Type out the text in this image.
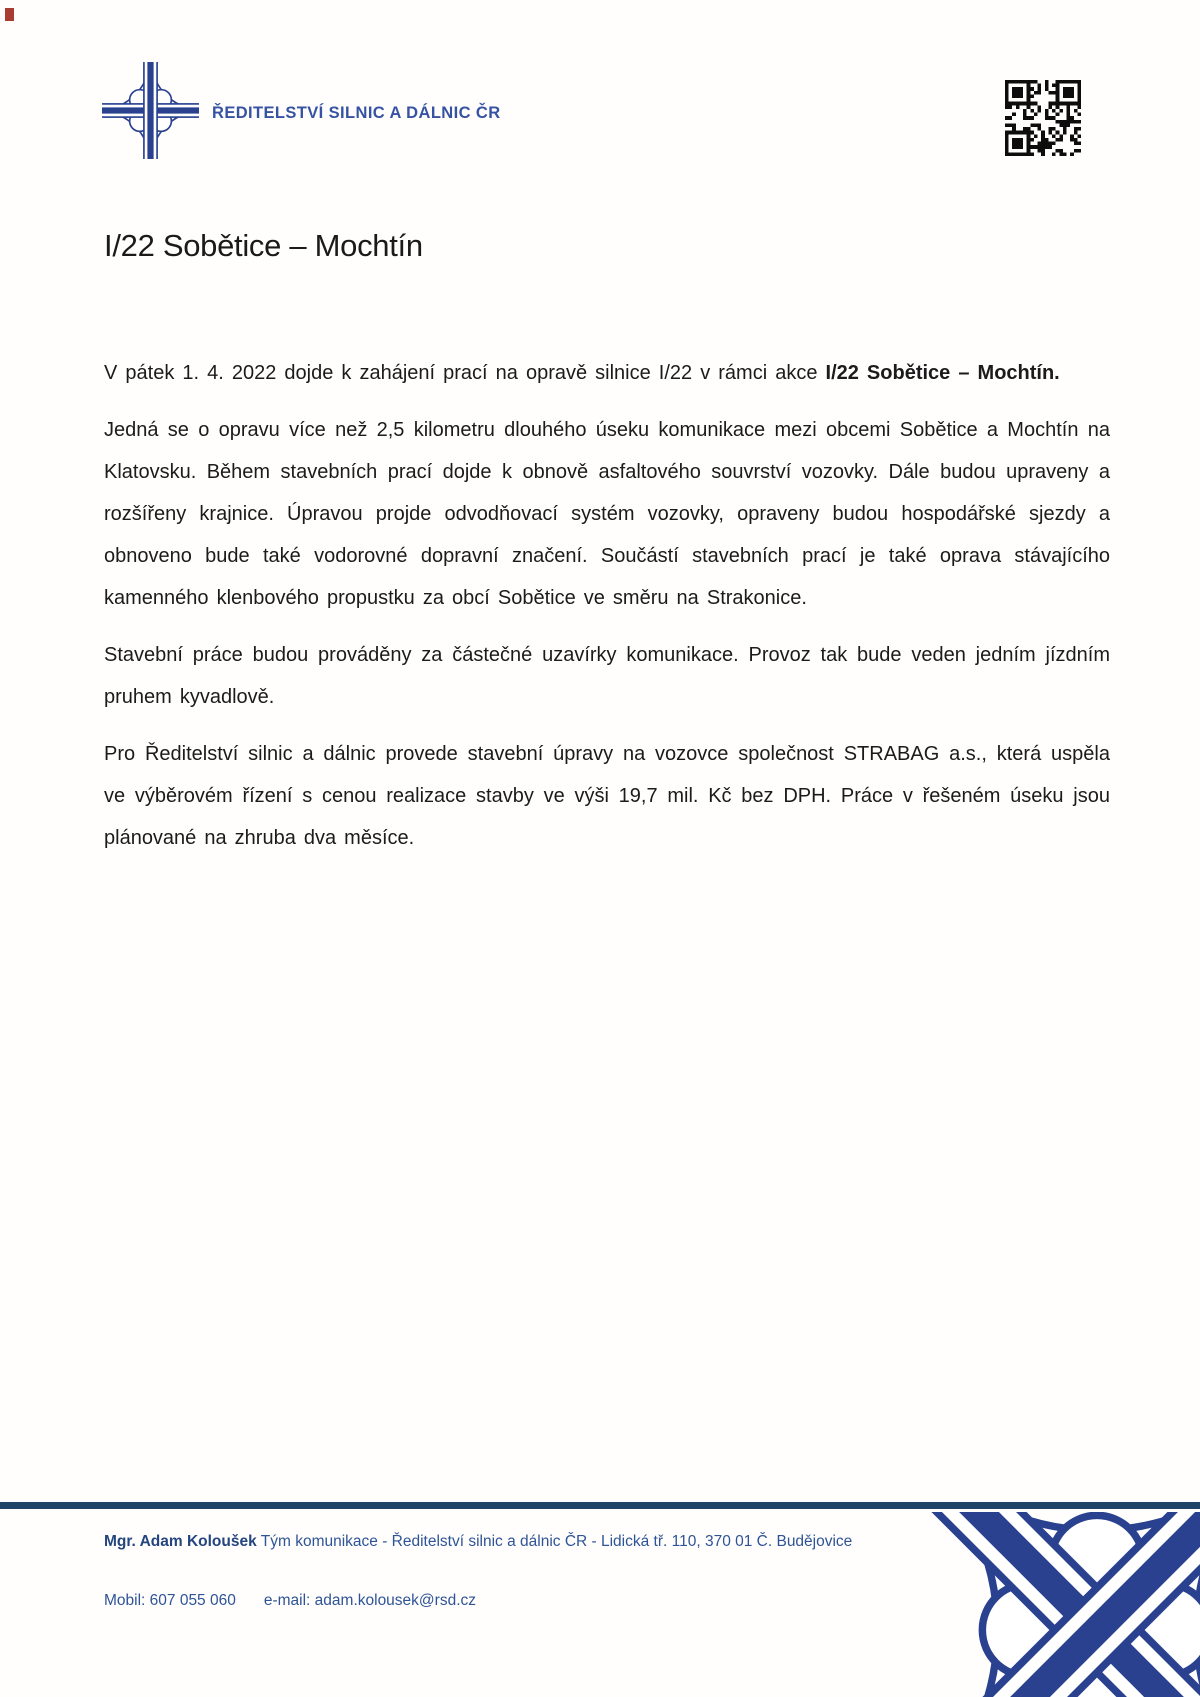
ŘEDITELSTVÍ SILNIC A DÁLNIC ČR
I/22 Sobětice – Mochtín

V pátek 1. 4. 2022 dojde k zahájení prací na opravě silnice I/22 v rámci akce I/22 Sobětice – Mochtín.

Jedná se o opravu více než 2,5 kilometru dlouhého úseku komunikace mezi obcemi Sobětice a Mochtín na Klatovsku. Během stavebních prací dojde k obnově asfaltového souvrství vozovky. Dále budou upraveny a rozšířeny krajnice. Úpravou projde odvodňovací systém vozovky, opraveny budou hospodářské sjezdy a obnoveno bude také vodorovné dopravní značení. Součástí stavebních prací je také oprava stávajícího kamenného klenbového propustku za obcí Sobětice ve směru na Strakonice.

Stavební práce budou prováděny za částečné uzavírky komunikace. Provoz tak bude veden jedním jízdním pruhem kyvadlově.

Pro Ředitelství silnic a dálnic provede stavební úpravy na vozovce společnost STRABAG a.s., která uspěla ve výběrovém řízení s cenou realizace stavby ve výši 19,7 mil. Kč bez DPH. Práce v řešeném úseku jsou plánované na zhruba dva měsíce.

Mgr. Adam Koloušek Tým komunikace - Ředitelství silnic a dálnic ČR - Lidická tř. 110, 370 01 Č. Budějovice
Mobil: 607 055 060 e-mail: adam.kolousek@rsd.cz
